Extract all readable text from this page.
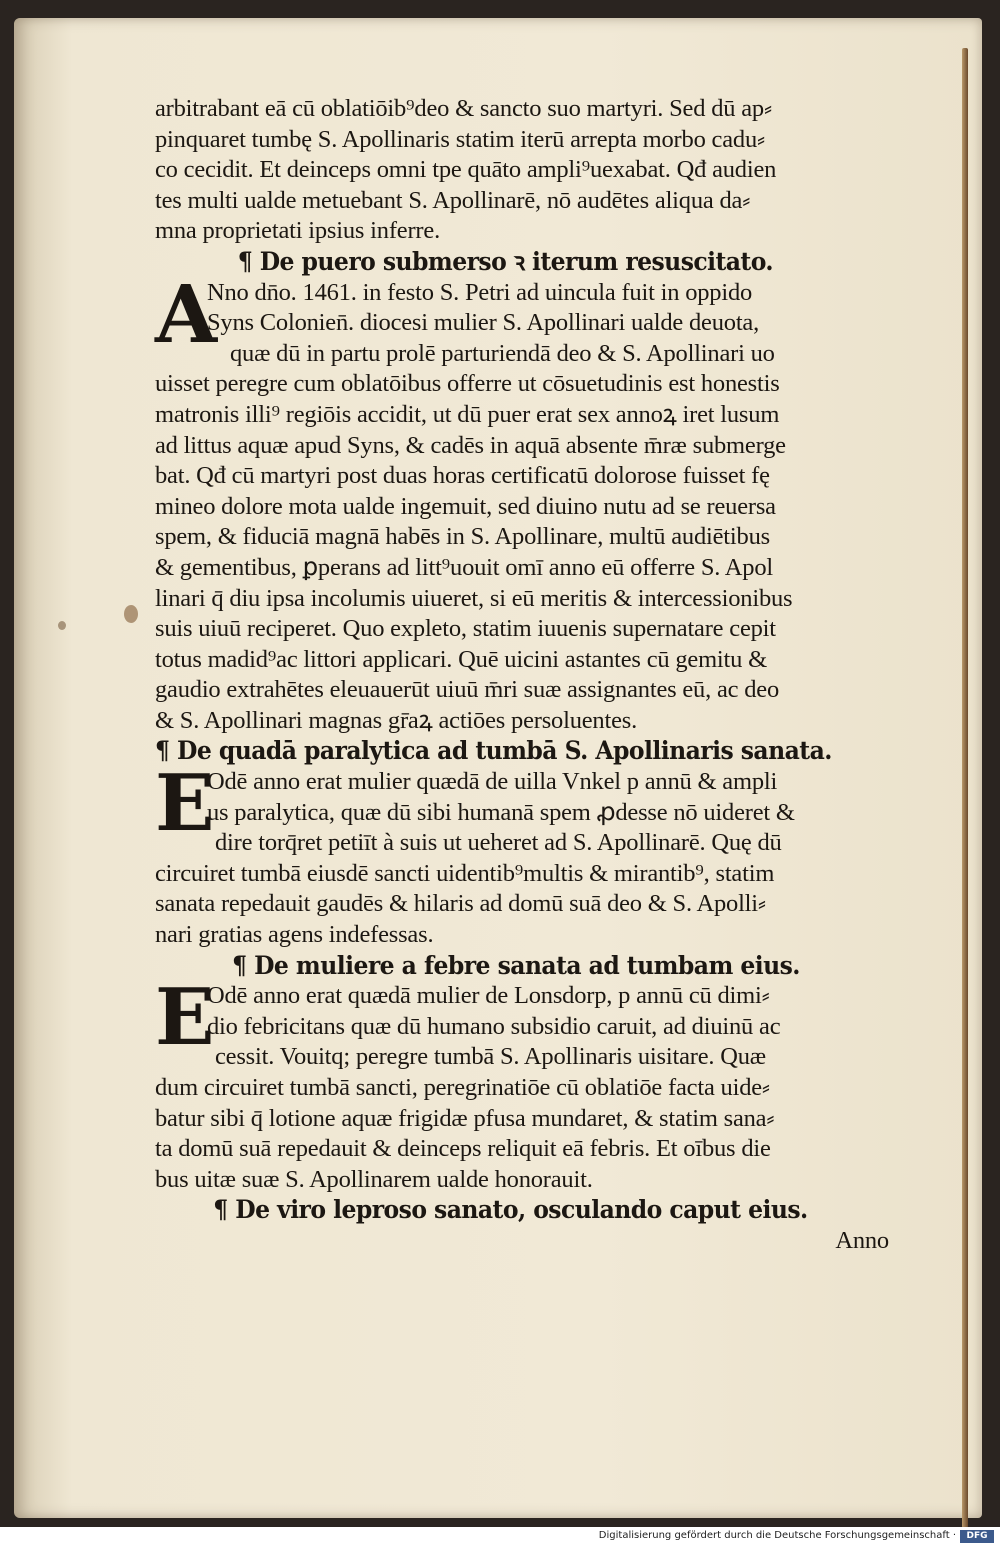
arbitrabant eā cū oblatiōib⁹deo & sancto suo martyri. Sed dū ap⸗
pinquaret tumbę S. Apollinaris statim iterū arrepta morbo cadu⸗
co cecidit. Et deinceps omni tpe quāto ampli⁹uexabat. Qđ audien
tes multi ualde metuebant S. Apollinarē, nō audētes aliqua da⸗
mna proprietati ipsius inferre.
¶ De puero submerso ꝛ iterum resuscitato.
A
Nno dn̄o. 1461. in festo S. Petri ad uincula fuit in oppido
Syns Colonien̄. diocesi mulier S. Apollinari ualde deuota,
quæ dū in partu prolē parturiendā deo & S. Apollinari uo
uisset peregre cum oblatōibus offerre ut cōsuetudinis est honestis
matronis illi⁹ regiōis accidit, ut dū puer erat sex annoꝝ iret lusum
ad littus aquæ apud Syns, & cadēs in aquā absente m̄ræ submerge
bat. Qđ cū martyri post duas horas certificatū dolorose fuisset fę
mineo dolore mota ualde ingemuit, sed diuino nutu ad se reuersa
spem, & fiduciā magnā habēs in S. Apollinare, multū audiētibus
& gementibus, ꝑperans ad litt⁹uouit omī anno eū offerre S. Apol
linari q̄ diu ipsa incolumis uiueret, si eū meritis & intercessionibus
suis uiuū reciperet. Quo expleto, statim iuuenis supernatare cepit
totus madid⁹ac littori applicari. Quē uicini astantes cū gemitu &
gaudio extrahētes eleuauerūt uiuū m̄ri suæ assignantes eū, ac deo
& S. Apollinari magnas gr̄aꝝ actiōes persoluentes.
¶ De quadā paralytica ad tumbā S. Apollinaris sanata.
E
Odē anno erat mulier quædā de uilla Vnkel p annū & ampli
us paralytica, quæ dū sibi humanā spem ꝓdesse nō uideret &
dire torq̄ret petiīt à suis ut ueheret ad S. Apollinarē. Quę dū
circuiret tumbā eiusdē sancti uidentib⁹multis & mirantib⁹, statim
sanata repedauit gaudēs & hilaris ad domū suā deo & S. Apolli⸗
nari gratias agens indefessas.
¶ De muliere a febre sanata ad tumbam eius.
E
Odē anno erat quædā mulier de Lonsdorp, p annū cū dimi⸗
dio febricitans quæ dū humano subsidio caruit, ad diuinū ac
cessit. Vouitq; peregre tumbā S. Apollinaris uisitare. Quæ
dum circuiret tumbā sancti, peregrinatiōe cū oblatiōe facta uide⸗
batur sibi q̄ lotione aquæ frigidæ pfusa mundaret, & statim sana⸗
ta domū suā repedauit & deinceps reliquit eā febris. Et oībus die
bus uitæ suæ S. Apollinarem ualde honorauit.
¶ De viro leproso sanato, osculando caput eius.
Anno
Digitalisierung gefördert durch die Deutsche Forschungsgemeinschaft ·	DFG
